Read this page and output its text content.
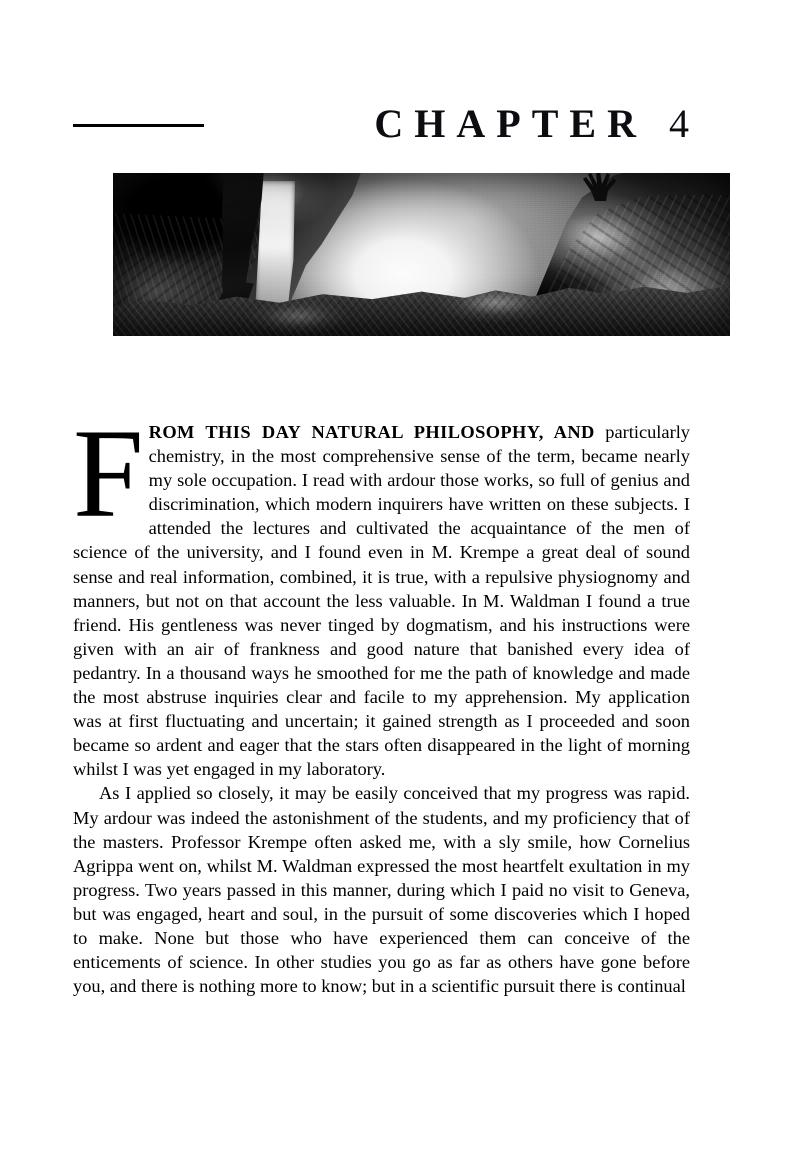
CHAPTER 4

FROM THIS DAY NATURAL PHILOSOPHY, AND particularly chemistry, in the most comprehensive sense of the term, became nearly my sole occupation. I read with ardour those works, so full of genius and discrimination, which modern inquirers have written on these subjects. I attended the lectures and cultivated the acquaintance of the men of science of the university, and I found even in M. Krempe a great deal of sound sense and real information, combined, it is true, with a repulsive physiognomy and manners, but not on that account the less valuable. In M. Waldman I found a true friend. His gentleness was never tinged by dogmatism, and his instructions were given with an air of frankness and good nature that banished every idea of pedantry. In a thousand ways he smoothed for me the path of knowledge and made the most abstruse inquiries clear and facile to my apprehension. My application was at first fluctuating and uncertain; it gained strength as I proceeded and soon became so ardent and eager that the stars often disappeared in the light of morning whilst I was yet engaged in my laboratory.

As I applied so closely, it may be easily conceived that my progress was rapid. My ardour was indeed the astonishment of the students, and my proficiency that of the masters. Professor Krempe often asked me, with a sly smile, how Cornelius Agrippa went on, whilst M. Waldman expressed the most heartfelt exultation in my progress. Two years passed in this manner, during which I paid no visit to Geneva, but was engaged, heart and soul, in the pursuit of some discoveries which I hoped to make. None but those who have experienced them can conceive of the enticements of science. In other studies you go as far as others have gone before you, and there is nothing more to know; but in a scientific pursuit there is continual
